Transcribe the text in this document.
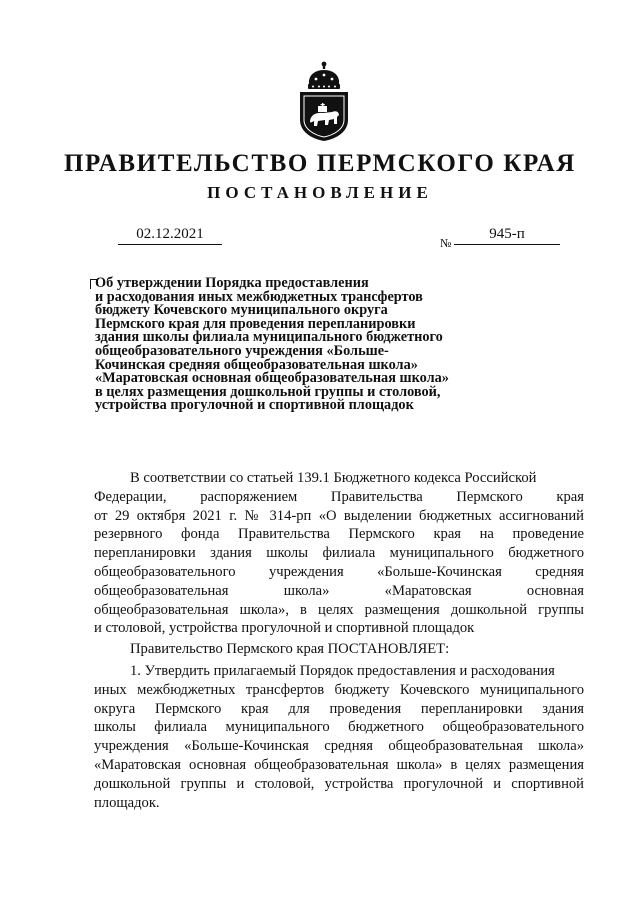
ПРАВИТЕЛЬСТВО ПЕРМСКОГО КРАЯ
ПОСТАНОВЛЕНИЕ
02.12.2021
№
945-п
Об утверждении Порядка предоставления
и расходования иных межбюджетных трансфертов
бюджету Кочевского муниципального округа
Пермского края для проведения перепланировки
здания школы филиала муниципального бюджетного
общеобразовательного учреждения «Больше-
Кочинская средняя общеобразовательная школа»
«Маратовская основная общеобразовательная школа»
в целях размещения дошкольной группы и столовой,
устройства прогулочной и спортивной площадок
В соответствии со статьей 139.1 Бюджетного кодекса Российской
Федерации, распоряжением Правительства Пермского края
от 29 октября 2021 г. № 314-рп «О выделении бюджетных ассигнований
резервного фонда Правительства Пермского края на проведение
перепланировки здания школы филиала муниципального бюджетного
общеобразовательного учреждения «Больше-Кочинская средняя
общеобразовательная школа» «Маратовская основная
общеобразовательная школа», в целях размещения дошкольной группы
и столовой, устройства прогулочной и спортивной площадок
Правительство Пермского края ПОСТАНОВЛЯЕТ:
1. Утвердить прилагаемый Порядок предоставления и расходования
иных межбюджетных трансфертов бюджету Кочевского муниципального
округа Пермского края для проведения перепланировки здания
школы филиала муниципального бюджетного общеобразовательного
учреждения «Больше-Кочинская средняя общеобразовательная школа»
«Маратовская основная общеобразовательная школа» в целях размещения
дошкольной группы и столовой, устройства прогулочной и спортивной
площадок.
